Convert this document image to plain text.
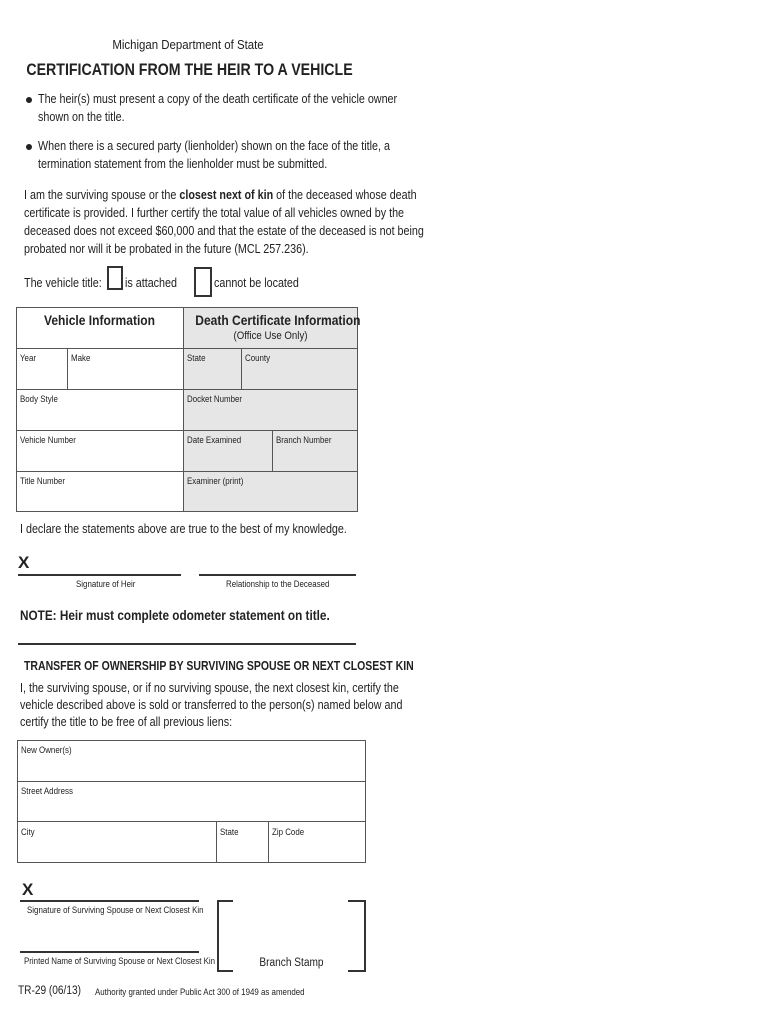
Michigan Department of State
CERTIFICATION FROM THE HEIR TO A VEHICLE
The heir(s) must present a copy of the death certificate of the vehicle owner
shown on the title.
When there is a secured party (lienholder) shown on the face of the title, a
termination statement from the lienholder must be submitted.
I am the surviving spouse or the closest next of kin of the deceased whose death
certificate is provided. I further certify the total value of all vehicles owned by the
deceased does not exceed $60,000 and that the estate of the deceased is not being
probated nor will it be probated in the future (MCL 257.236).
The vehicle title: is attached	cannot be located
Vehicle Information	Death Certificate Information
(Office Use Only)
Year	Make	State	County
Body Style	Docket Number
Vehicle Number	Date Examined	Branch Number
Title Number	Examiner (print)
I declare the statements above are true to the best of my knowledge.
X
Signature of Heir	Relationship to the Deceased
NOTE: Heir must complete odometer statement on title.
TRANSFER OF OWNERSHIP BY SURVIVING SPOUSE OR NEXT CLOSEST KIN
I, the surviving spouse, or if no surviving spouse, the next closest kin, certify the
vehicle described above is sold or transferred to the person(s) named below and
certify the title to be free of all previous liens:
New Owner(s)
Street Address
City	State	Zip Code
X
Signature of Surviving Spouse or Next Closest Kin
Printed Name of Surviving Spouse or Next Closest Kin	Branch Stamp
TR-29 (06/13) Authority granted under Public Act 300 of 1949 as amended
